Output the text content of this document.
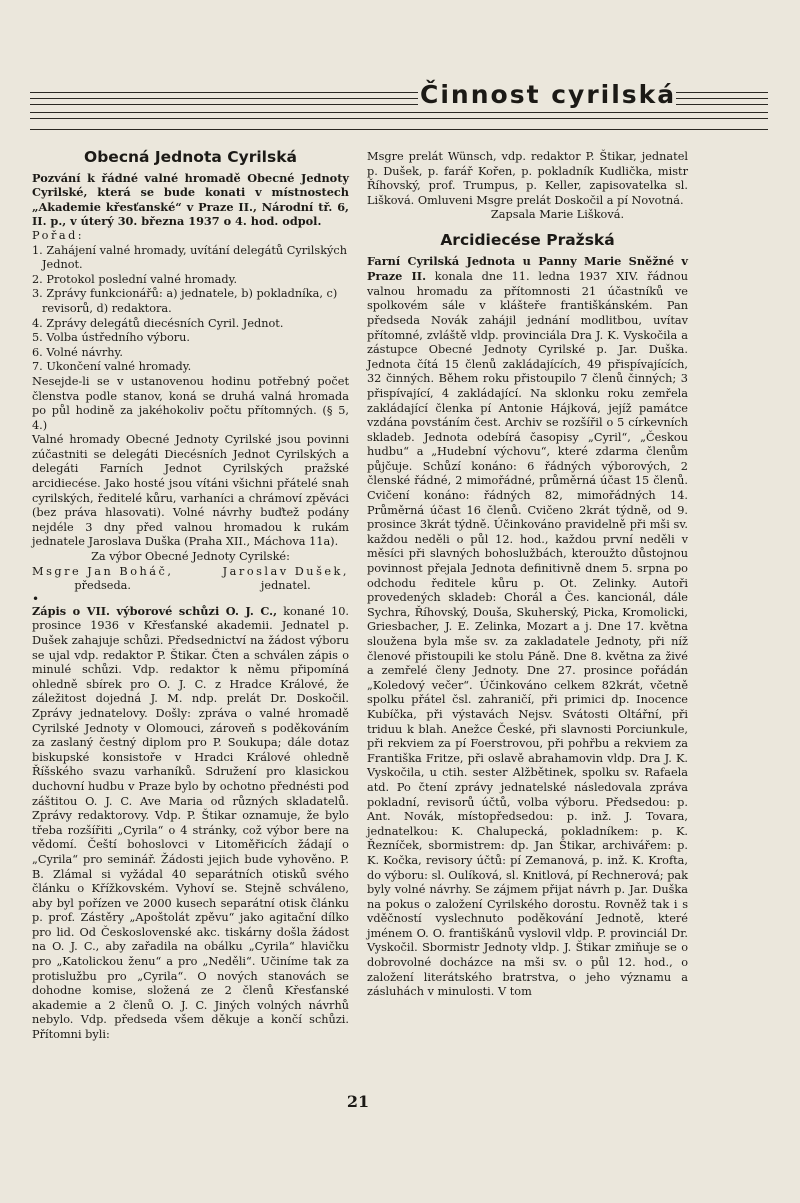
Činnost cyrilská
Obecná Jednota Cyrilská

Pozvání k řádné valné hromadě Obecné Jednoty Cyrilské, která se bude konati v místnostech „Akademie křesťanské“ v Praze II., Národní tř. 6, II. p., v úterý 30. března 1937 o 4. hod. odpol.

Pořad:

1. Zahájení valné hromady, uvítání delegátů Cyrilských Jednot.

2. Protokol poslední valné hromady.

3. Zprávy funkcionářů: a) jednatele, b) pokladníka, c) revisorů, d) redaktora.

4. Zprávy delegátů diecésních Cyril. Jednot.

5. Volba ústředního výboru.

6. Volné návrhy.

7. Ukončení valné hromady.

Nesejde-li se v ustanovenou hodinu potřebný počet členstva podle stanov, koná se druhá valná hromada po půl hodině za jakéhokoliv počtu přítomných. (§ 5, 4.)

Valné hromady Obecné Jednoty Cyrilské jsou povinni zúčastniti se delegáti Diecésních Jednot Cyrilských a delegáti Farních Jednot Cyrilských pražské arcidiecése. Jako hosté jsou vítáni všichni přátelé snah cyrilských, ředitelé kůru, varhaníci a chrámoví zpěváci (bez práva hlasovati). Volné návrhy buďtež podány nejdéle 3 dny před valnou hromadou k rukám jednatele Jaroslava Duška (Praha XII., Máchova 11a).

Za výbor Obecné Jednoty Cyrilské:

Msgre Jan Boháč,
předseda.
Jaroslav Dušek,
jednatel.
•

Zápis o VII. výborové schůzi O. J. C., konané 10. prosince 1936 v Křesťanské akademii. Jednatel p. Dušek zahajuje schůzi. Předsednictví na žádost výboru se ujal vdp. redaktor P. Štikar. Čten a schválen zápis o minulé schůzi. Vdp. redaktor k němu připomíná ohledně sbírek pro O. J. C. z Hradce Králové, že záležitost dojedná J. M. ndp. prelát Dr. Doskočil. Zprávy jednatelovy. Došly: zpráva o valné hromadě Cyrilské Jednoty v Olomouci, zároveň s poděkováním za zaslaný čestný diplom pro P. Soukupa; dále dotaz biskupské konsistoře v Hradci Králové ohledně Říšského svazu varhaníků. Sdružení pro klasickou duchovní hudbu v Praze bylo by ochotno přednésti pod záštitou O. J. C. Ave Maria od různých skladatelů. Zprávy redaktorovy. Vdp. P. Štikar oznamuje, že bylo třeba rozšířiti „Cyrila“ o 4 stránky, což výbor bere na vědomí. Čeští bohoslovci v Litoměřicích žádají o „Cyrila“ pro seminář. Žádosti jejich bude vyhověno. P. B. Zlámal si vyžádal 40 separátních otisků svého článku o Křížkovském. Vyhoví se. Stejně schváleno, aby byl pořízen ve 2000 kusech separátní otisk článku p. prof. Zástěry „Apoštolát zpěvu“ jako agitační dílko pro lid. Od Československé akc. tiskárny došla žádost na O. J. C., aby zařadila na obálku „Cyrila“ hlavičku pro „Katolickou ženu“ a pro „Neděli“. Učiníme tak za protislužbu pro „Cyrila“. O nových stanovách se dohodne komise, složená ze 2 členů Křesťanské akademie a 2 členů O. J. C. Jiných volných návrhů nebylo. Vdp. předseda všem děkuje a končí schůzi. Přítomni byli:

Msgre prelát Wünsch, vdp. redaktor P. Štikar, jednatel p. Dušek, p. farář Kořen, p. pokladník Kudlička, mistr Říhovský, prof. Trumpus, p. Keller, zapisovatelka sl. Lišková. Omluveni Msgre prelát Doskočil a pí Novotná.

Zapsala Marie Lišková.

Arcidiecése Pražská

Farní Cyrilská Jednota u Panny Marie Sněžné v Praze II. konala dne 11. ledna 1937 XIV. řádnou valnou hromadu za přítomnosti 21 účastníků ve spolkovém sále v klášteře františkánském. Pan předseda Novák zahájil jednání modlitbou, uvítav přítomné, zvláště vldp. provinciála Dra J. K. Vyskočila a zástupce Obecné Jednoty Cyrilské p. Jar. Duška. Jednota čítá 15 členů zakládajících, 49 přispívajících, 32 činných. Během roku přistoupilo 7 členů činných; 3 přispívající, 4 zakládající. Na sklonku roku zemřela zakládající členka pí Antonie Hájková, jejíž památce vzdána povstáním čest. Archiv se rozšířil o 5 církevních skladeb. Jednota odebírá časopisy „Cyril“, „Českou hudbu“ a „Hudební výchovu“, které zdarma členům půjčuje. Schůzí konáno: 6 řádných výborových, 2 členské řádné, 2 mimořádné, průměrná účast 15 členů. Cvičení konáno: řádných 82, mimořádných 14. Průměrná účast 16 členů. Cvičeno 2krát týdně, od 9. prosince 3krát týdně. Účinkováno pravidelně při mši sv. každou neděli o půl 12. hod., každou první neděli v měsíci při slavných bohoslužbách, kteroužto důstojnou povinnost přejala Jednota definitivně dnem 5. srpna po odchodu ředitele kůru p. Ot. Zelinky. Autoři provedených skladeb: Chorál a Čes. kancionál, dále Sychra, Říhovský, Douša, Skuherský, Picka, Kromolicki, Griesbacher, J. E. Zelinka, Mozart a j. Dne 17. května sloužena byla mše sv. za zakladatele Jednoty, při níž členové přistoupili ke stolu Páně. Dne 8. května za živé a zemřelé členy Jednoty. Dne 27. prosince pořádán „Koledový večer“. Účinkováno celkem 82krát, včetně spolku přátel čsl. zahraničí, při primici dp. Inocence Kubíčka, při výstavách Nejsv. Svátosti Oltářní, při triduu k blah. Anežce České, při slavnosti Porciunkule, při rekviem za pí Foerstrovou, při pohřbu a rekviem za Františka Fritze, při oslavě abrahamovin vldp. Dra J. K. Vyskočila, u ctih. sester Alžbětinek, spolku sv. Rafaela atd. Po čtení zprávy jednatelské následovala zpráva pokladní, revisorů účtů, volba výboru. Předsedou: p. Ant. Novák, místopředsedou: p. inž. J. Tovara, jednatelkou: K. Chalupecká, pokladníkem: p. K. Řezníček, sbormistrem: dp. Jan Štikar, archivářem: p. K. Kočka, revisory účtů: pí Zemanová, p. inž. K. Krofta, do výboru: sl. Oulíková, sl. Knitlová, pí Rechnerová; pak byly volné návrhy. Se zájmem přijat návrh p. Jar. Duška na pokus o založení Cyrilského dorostu. Rovněž tak i s vděčností vyslechnuto poděkování Jednotě, které jménem O. O. františkánů vyslovil vldp. P. provinciál Dr. Vyskočil. Sbormistr Jednoty vldp. J. Štikar zmiňuje se o dobrovolné docházce na mši sv. o půl 12. hod., o založení literátského bratrstva, o jeho významu a zásluhách v minulosti. V tom

21
